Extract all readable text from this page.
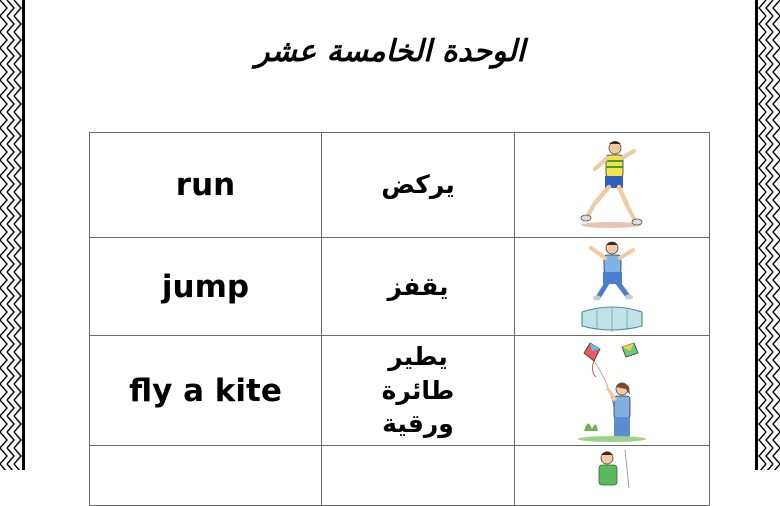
الوحدة الخامسة عشر
run	يركض

jump	يقفز

fly a kite	يطير طائرة ورقية
